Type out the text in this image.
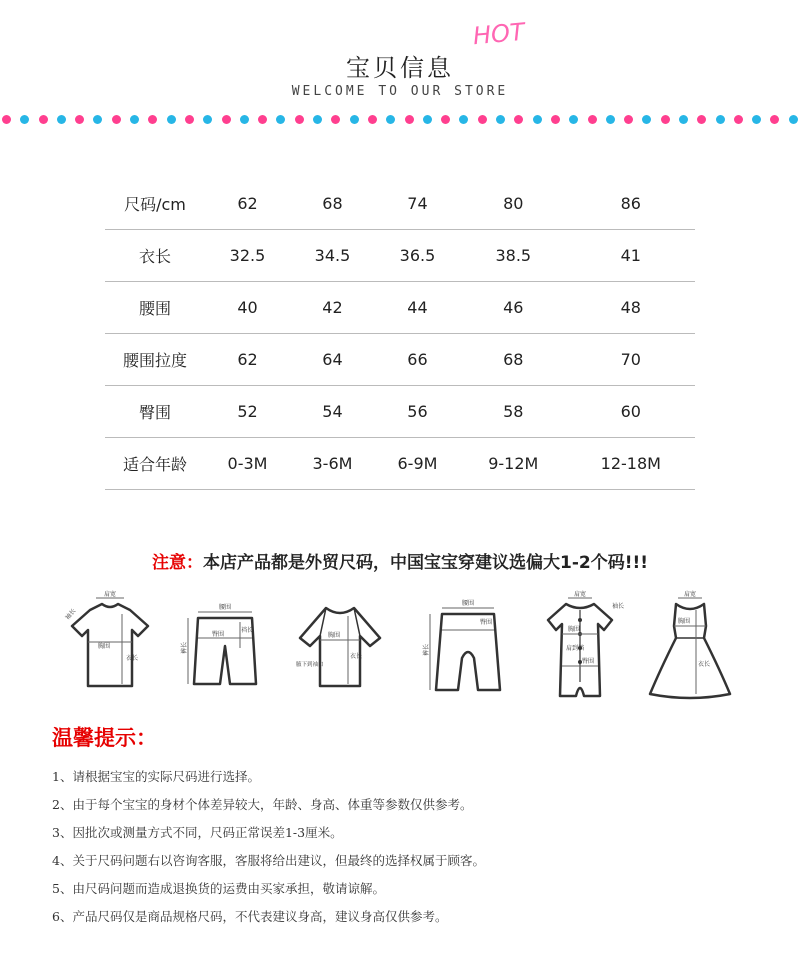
宝贝信息
HOT
WELCOME TO OUR STORE
尺码/cm	62	68	74	80	86
衣长	32.5	34.5	36.5	38.5	41
腰围	40	42	44	46	48
腰围拉度	62	64	66	68	70
臀围	52	54	56	58	60
适合年龄	0-3M	3-6M	6-9M	9-12M	12-18M
注意：本店产品都是外贸尺码，中国宝宝穿建议选偏大1-2个码!!!
肩宽
袖长
胸围
衣长
腰围
臀围
裤长
裆长
胸围
衣长
腋下到袖口
腰围
臀围
裤长
肩宽
袖长
胸围
肩到裆
臀围
肩宽
胸围
衣长
温馨提示：
1、请根据宝宝的实际尺码进行选择。
2、由于每个宝宝的身材个体差异较大，年龄、身高、体重等参数仅供参考。
3、因批次或测量方式不同，尺码正常误差1-3厘米。
4、关于尺码问题右以咨询客服，客服将给出建议，但最终的选择权属于顾客。
5、由尺码问题而造成退换货的运费由买家承担，敬请谅解。
6、产品尺码仅是商品规格尺码，不代表建议身高，建议身高仅供参考。
